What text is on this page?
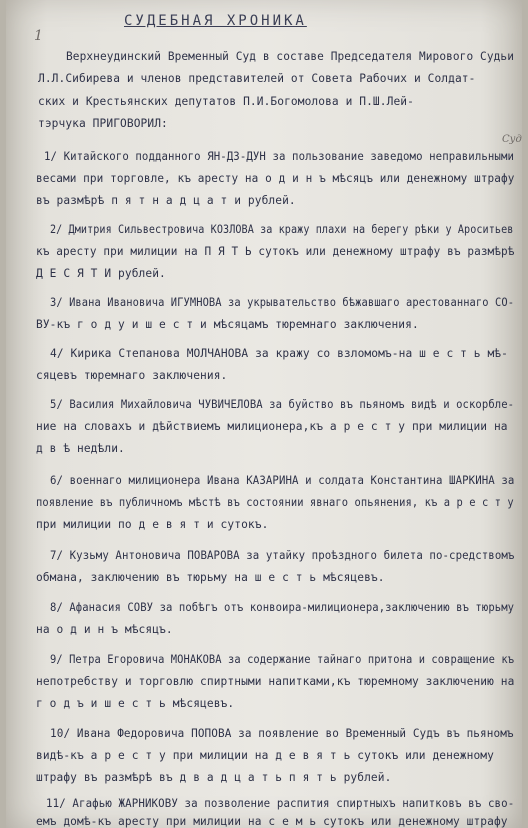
1
Суд
СУДЕБНАЯ ХРОНИКА
Верхнеудинский Временный Суд в составе Председателя Мирового Судьи
Л.Л.Сибирева и членов представителей от Совета Рабочих и Солдат-
ских и Крестьянских депутатов П.И.Богомолова и П.Ш.Лей-
тэрчука ПРИГОВОРИЛ:
1/ Китайского подданного ЯН-ДЗ-ДУН за пользование заведомо неправильными
весами при торговле, къ аресту на о д и н ъ мѣсяцъ или денежному штрафу
въ размѣрѣ п я т н а д ц а т и рублей.
2/ Дмитрия Сильвестровича КОЗЛОВА за кражу плахи на берегу рѣки у Ароситьев
къ аресту при милиции на П Я Т Ь сутокъ или денежному штрафу въ размѣрѣ
Д Е С Я Т И рублей.
3/ Ивана Ивановича ИГУМНОВА за укрывательство бѣжавшаго арестованнаго СО-
ВУ-къ г о д у и ш е с т и мѣсяцамъ тюремнаго заключения.
4/ Кирика Степанова МОЛЧАНОВА за кражу со взломомъ-на ш е с т ь мѣ-
сяцевъ тюремнаго заключения.
5/ Василия Михайловича ЧУВИЧЕЛОВА за буйство въ пьяномъ видѣ и оскорбле-
ние на словахъ и дѣйствиемъ милиционера,къ а р е с т у при милиции на
д в ѣ недѣли.
6/ военнаго милиционера Ивана КАЗАРИНА и солдата Константина ШАРКИНА за
появление въ публичномъ мѣстѣ въ состоянии явнаго опьянения, къ а р е с т у
при милиции по д е в я т и сутокъ.
7/ Кузьму Антоновича ПОВАРОВА за утайку проѣздного билета по-средствомъ
обмана, заключению въ тюрьму на ш е с т ь мѣсяцевъ.
8/ Афанасия СОВУ за побѣгъ отъ конвоира-милиционера,заключению въ тюрьму
на о д и н ъ мѣсяцъ.
9/ Петра Егоровича МОНАКОВА за содержание тайнаго притона и совращение къ
непотребству и торговлю спиртными напитками,къ тюремному заключению на
г о д ъ и ш е с т ь мѣсяцевъ.
10/ Ивана Федоровича ПОПОВА за появление во Временный Судъ въ пьяномъ
видѣ-къ а р е с т у при милиции на д е в я т ь сутокъ или денежному
штрафу въ размѣрѣ въ д в а д ц а т ь п я т ь рублей.
11/ Агафью ЖАРНИКОВУ за позволение распития спиртныхъ напитковъ въ сво-
емъ домѣ-къ аресту при милиции на с е м ь сутокъ или денежному штрафу
